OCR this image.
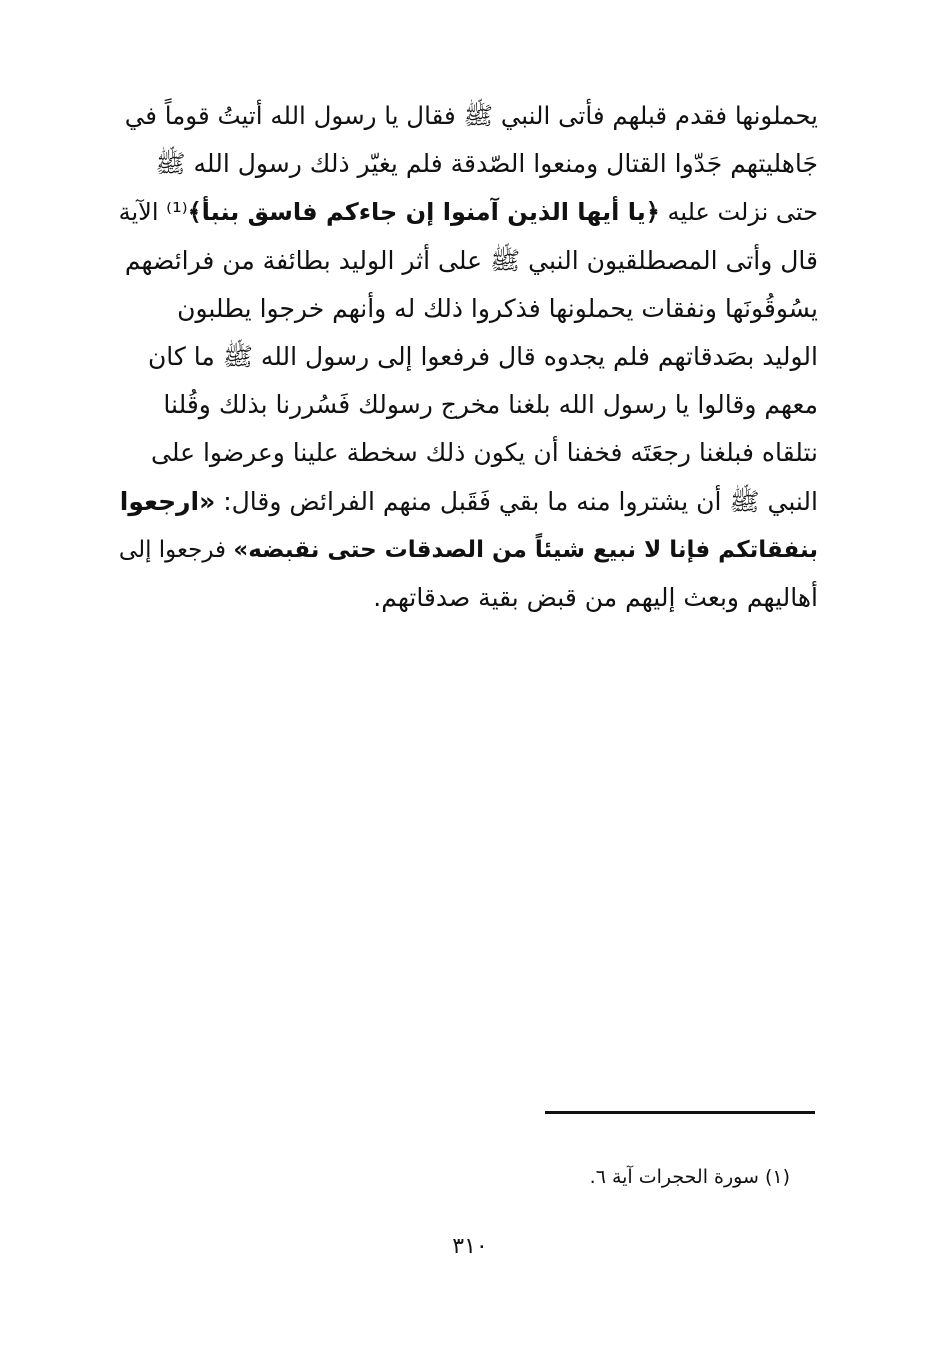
يحملونها فقدم قبلهم فأتى النبي ﷺ فقال يا رسول الله أتيتُ قوماً في
جَاهليتهم جَدّوا القتال ومنعوا الصّدقة فلم يغيّر ذلك رسول الله ﷺ
حتى نزلت عليه ﴿يا أيها الذين آمنوا إن جاءكم فاسق بنبأ﴾⁽¹⁾ الآية
قال وأتى المصطلقيون النبي ﷺ على أثر الوليد بطائفة من فرائضهم
يسُوقُونَها ونفقات يحملونها فذكروا ذلك له وأنهم خرجوا يطلبون
الوليد بصَدقاتهم فلم يجدوه قال فرفعوا إلى رسول الله ﷺ ما كان
معهم وقالوا يا رسول الله بلغنا مخرج رسولك فَسُررنا بذلك وقُلنا
نتلقاه فبلغنا رجعَتَه فخفنا أن يكون ذلك سخطة علينا وعرضوا على
النبي ﷺ أن يشتروا منه ما بقي فَقَبل منهم الفرائض وقال: «ارجعوا
بنفقاتكم فإنا لا نبيع شيئاً من الصدقات حتى نقبضه» فرجعوا إلى
أهاليهم وبعث إليهم من قبض بقية صدقاتهم.
(١) سورة الحجرات آية ٦.
٣١٠
